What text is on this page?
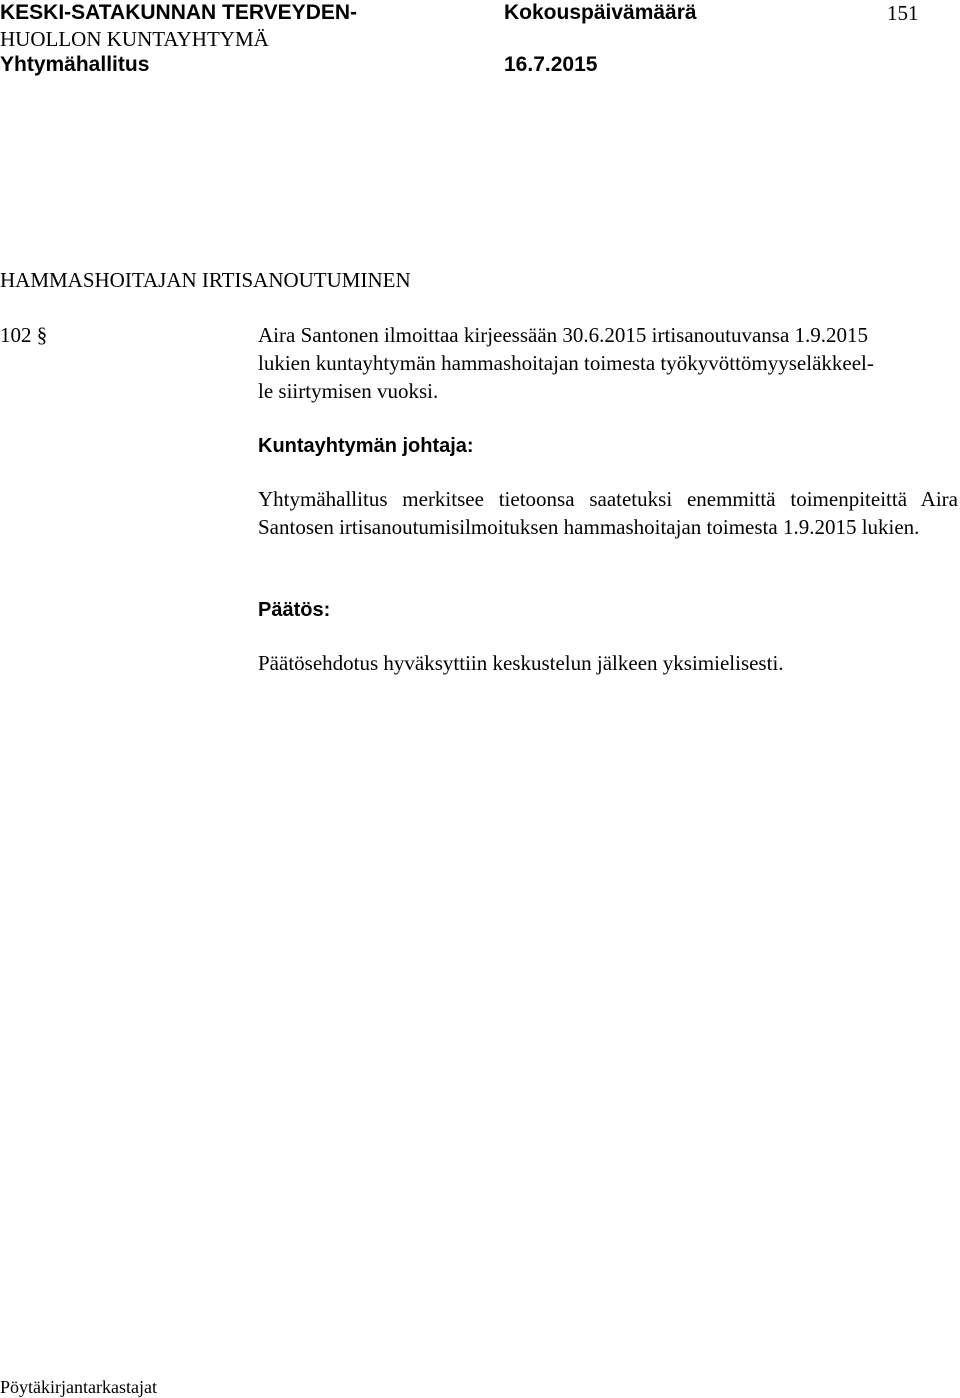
KESKI-SATAKUNNAN TERVEYDEN-
HUOLLON KUNTAYHTYMÄ
Yhtymähallitus
Kokouspäivämäärä
16.7.2015
151
HAMMASHOITAJAN IRTISANOUTUMINEN
102 §	Aira Santonen ilmoittaa kirjeessään 30.6.2015 irtisanoutuvansa 1.9.2015
lukien kuntayhtymän hammashoitajan toimesta työkyvöttömyyseläkkeel-
le siirtymisen vuoksi.
Kuntayhtymän johtaja:
Yhtymähallitus merkitsee tietoonsa saatetuksi enemmittä toimenpiteittä Aira Santosen irtisanoutumisilmoituksen hammashoitajan toimesta 1.9.2015 lukien.
Päätös:
Päätösehdotus hyväksyttiin keskustelun jälkeen yksimielisesti.
Pöytäkirjantarkastajat
